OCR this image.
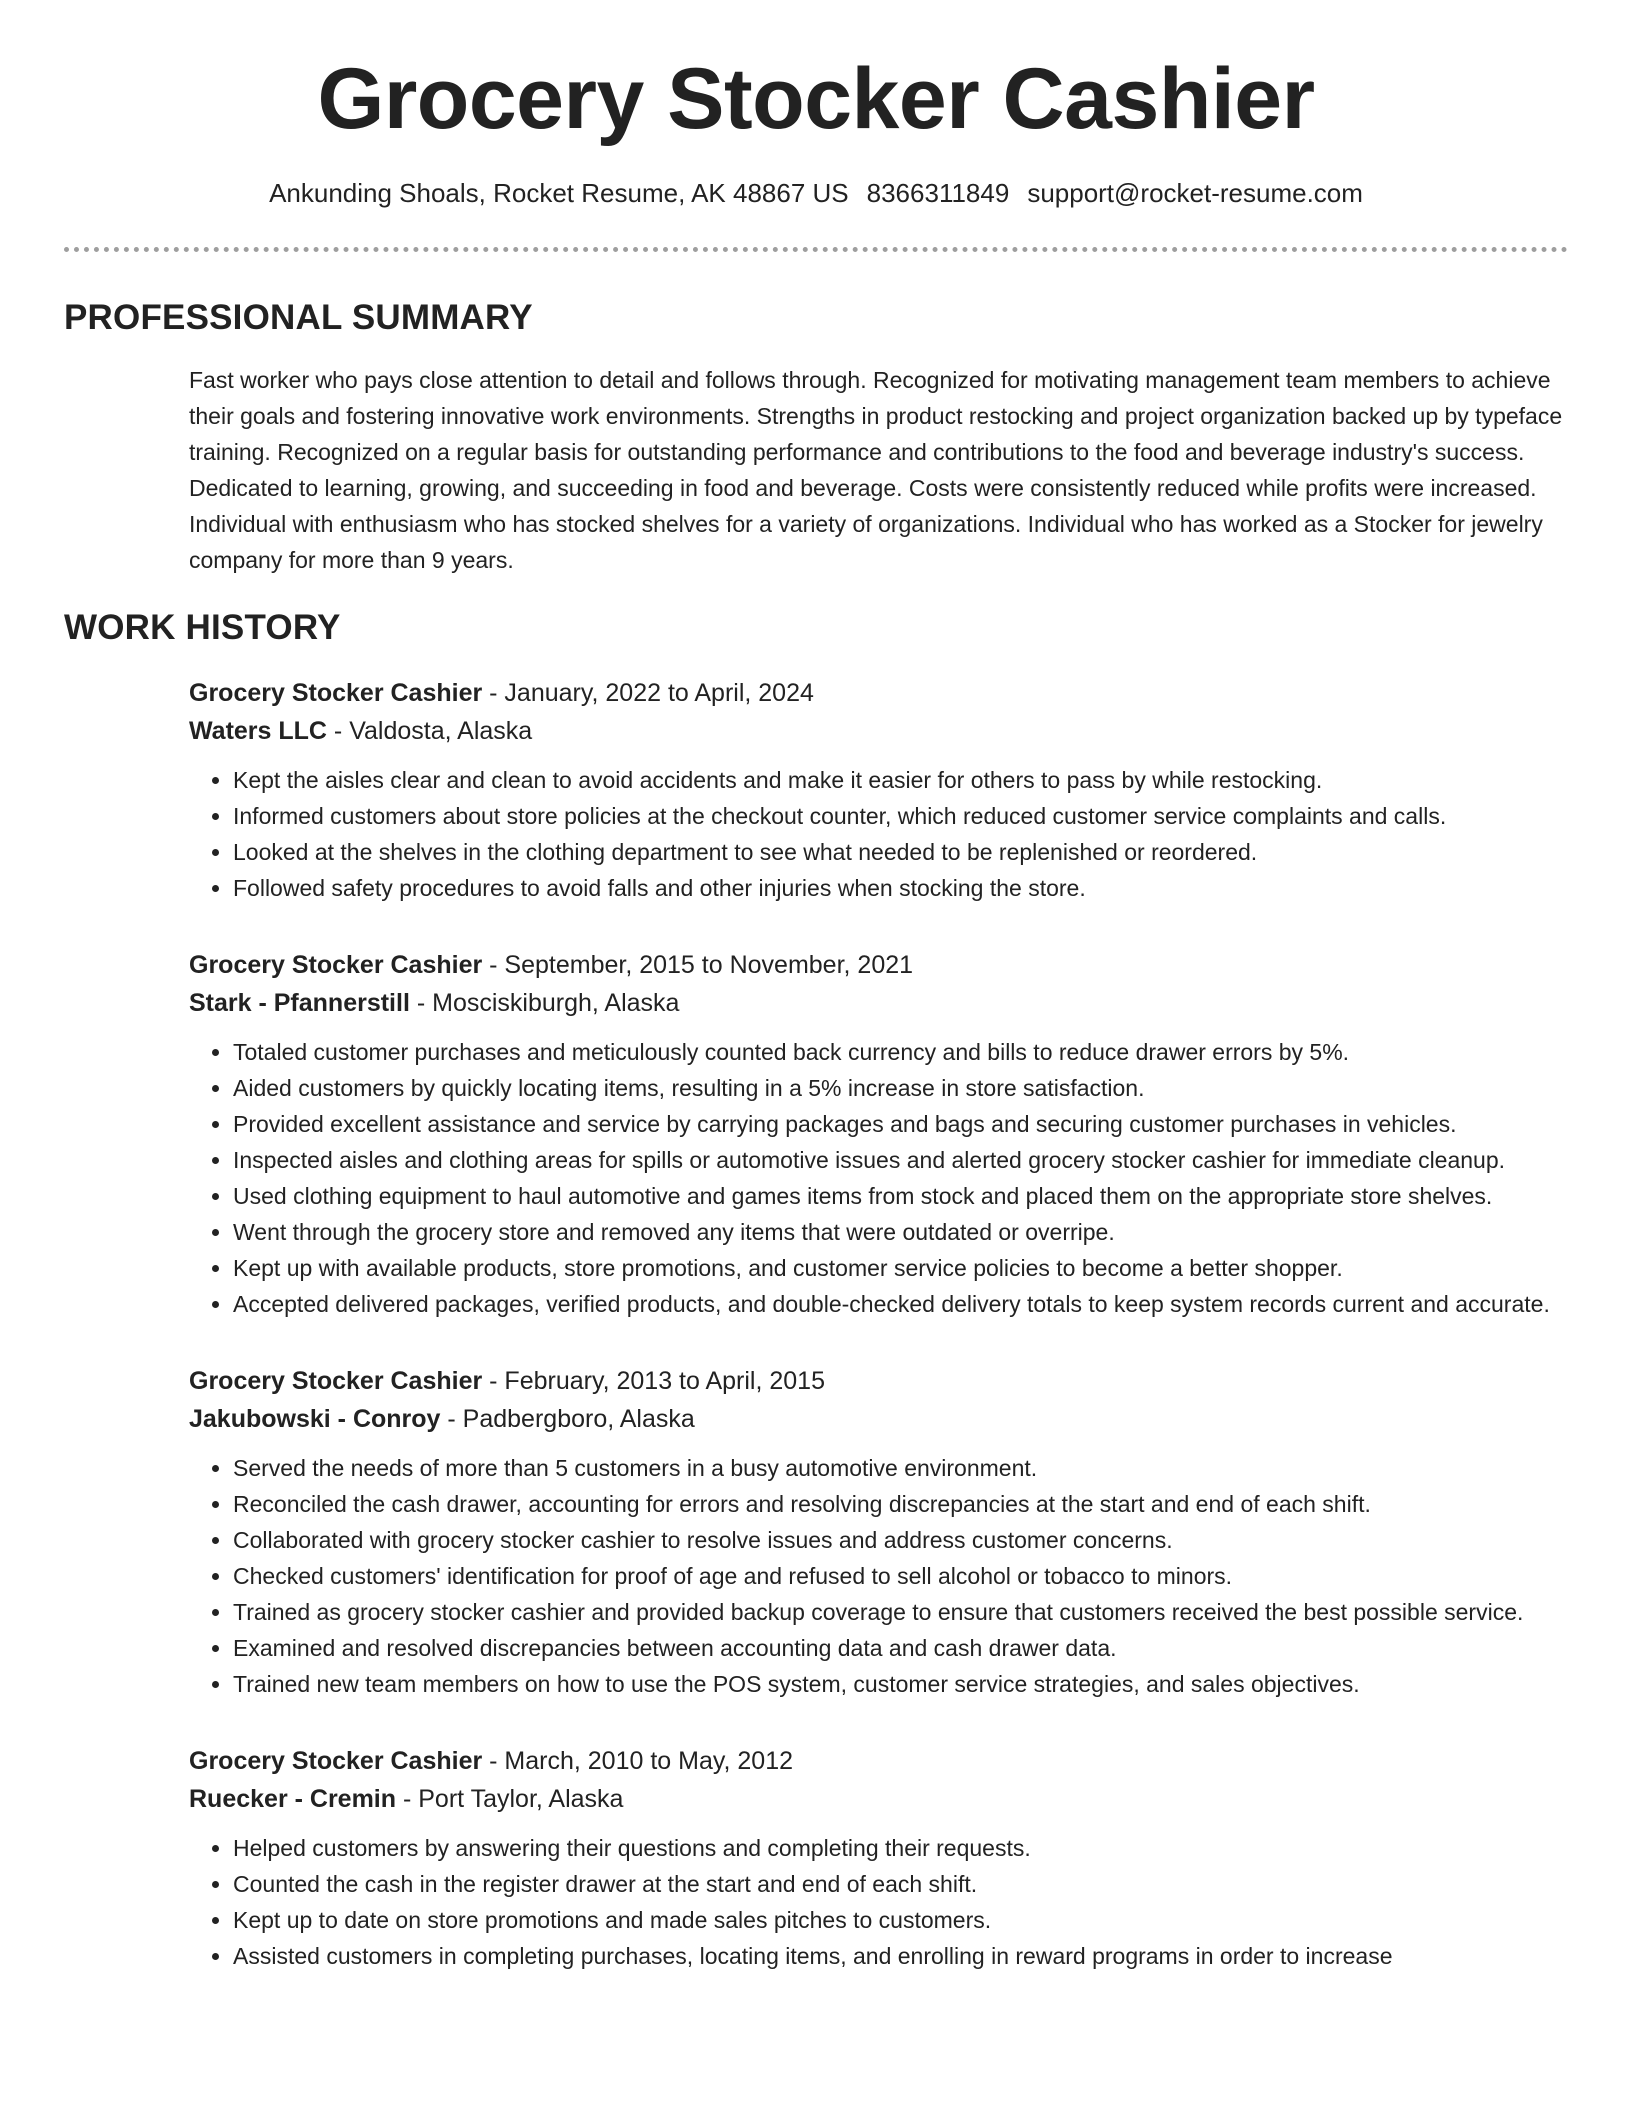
Grocery Stocker Cashier
Ankunding Shoals, Rocket Resume, AK 48867 US 8366311849 support@rocket-resume.com
PROFESSIONAL SUMMARY

Fast worker who pays close attention to detail and follows through. Recognized for motivating management team members to achieve their goals and fostering innovative work environments. Strengths in product restocking and project organization backed up by typeface training. Recognized on a regular basis for outstanding performance and contributions to the food and beverage industry's success. Dedicated to learning, growing, and succeeding in food and beverage. Costs were consistently reduced while profits were increased. Individual with enthusiasm who has stocked shelves for a variety of organizations. Individual who has worked as a Stocker for jewelry company for more than 9 years.

WORK HISTORY
Grocery Stocker Cashier - January, 2022 to April, 2024
Waters LLC - Valdosta, Alaska
• Kept the aisles clear and clean to avoid accidents and make it easier for others to pass by while restocking.
• Informed customers about store policies at the checkout counter, which reduced customer service complaints and calls.
• Looked at the shelves in the clothing department to see what needed to be replenished or reordered.
• Followed safety procedures to avoid falls and other injuries when stocking the store.
Grocery Stocker Cashier - September, 2015 to November, 2021
Stark - Pfannerstill - Mosciskiburgh, Alaska
• Totaled customer purchases and meticulously counted back currency and bills to reduce drawer errors by 5%.
• Aided customers by quickly locating items, resulting in a 5% increase in store satisfaction.
• Provided excellent assistance and service by carrying packages and bags and securing customer purchases in vehicles.
• Inspected aisles and clothing areas for spills or automotive issues and alerted grocery stocker cashier for immediate cleanup.
• Used clothing equipment to haul automotive and games items from stock and placed them on the appropriate store shelves.
• Went through the grocery store and removed any items that were outdated or overripe.
• Kept up with available products, store promotions, and customer service policies to become a better shopper.
• Accepted delivered packages, verified products, and double-checked delivery totals to keep system records current and accurate.
Grocery Stocker Cashier - February, 2013 to April, 2015
Jakubowski - Conroy - Padbergboro, Alaska
• Served the needs of more than 5 customers in a busy automotive environment.
• Reconciled the cash drawer, accounting for errors and resolving discrepancies at the start and end of each shift.
• Collaborated with grocery stocker cashier to resolve issues and address customer concerns.
• Checked customers' identification for proof of age and refused to sell alcohol or tobacco to minors.
• Trained as grocery stocker cashier and provided backup coverage to ensure that customers received the best possible service.
• Examined and resolved discrepancies between accounting data and cash drawer data.
• Trained new team members on how to use the POS system, customer service strategies, and sales objectives.
Grocery Stocker Cashier - March, 2010 to May, 2012
Ruecker - Cremin - Port Taylor, Alaska
• Helped customers by answering their questions and completing their requests.
• Counted the cash in the register drawer at the start and end of each shift.
• Kept up to date on store promotions and made sales pitches to customers.
• Assisted customers in completing purchases, locating items, and enrolling in reward programs in order to increase
